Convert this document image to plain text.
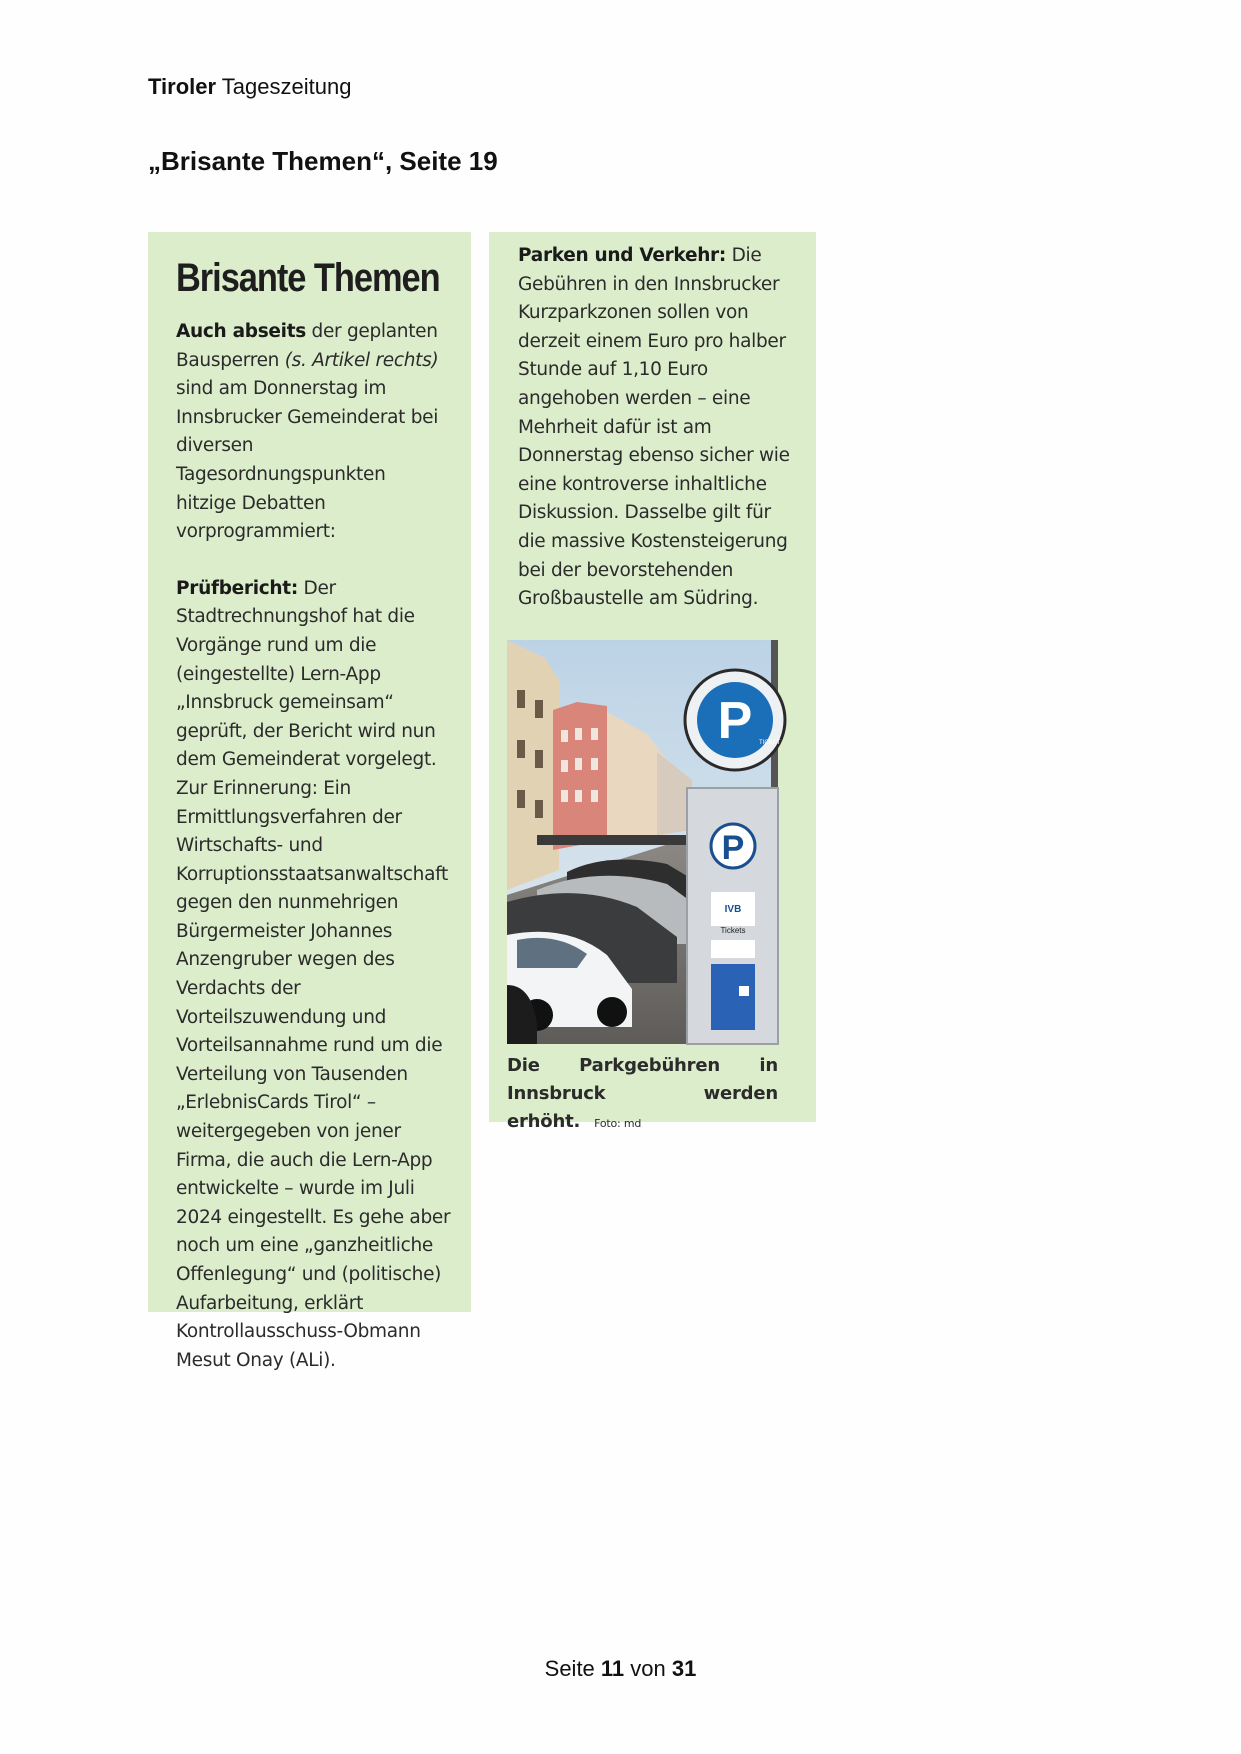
Tiroler Tageszeitung
„Brisante Themen“, Seite 19
Brisante Themen

Auch abseits der geplanten Bausperren (s. Artikel rechts) sind am Donnerstag im Innsbrucker Gemeinderat bei diversen Tagesordnungspunkten hitzige Debatten vorprogrammiert:

Prüfbericht: Der Stadtrechnungshof hat die Vorgänge rund um die (eingestellte) Lern-App „Innsbruck gemeinsam“ geprüft, der Bericht wird nun dem Gemeinderat vorgelegt. Zur Erinnerung: Ein Ermittlungsverfahren der Wirtschafts- und Korruptionsstaatsanwaltschaft gegen den nunmehrigen Bürgermeister Johannes Anzengruber wegen des Verdachts der Vorteilszuwendung und Vorteilsannahme rund um die Verteilung von Tausenden „ErlebnisCards Tirol“ – weitergegeben von jener Firma, die auch die Lern-App entwickelte – wurde im Juli 2024 eingestellt. Es gehe aber noch um eine „ganzheitliche Offenlegung“ und (politische) Aufarbeitung, erklärt Kontrollausschuss-Obmann Mesut Onay (ALi).

Parken und Verkehr: Die Gebühren in den Innsbrucker Kurzparkzonen sollen von derzeit einem Euro pro halber Stunde auf 1,10 Euro angehoben werden – eine Mehrheit dafür ist am Donnerstag ebenso sicher wie eine kontroverse inhaltliche Diskussion. Dasselbe gilt für die massive Kostensteigerung bei der bevorstehenden Großbaustelle am Südring.

P TICKET
P
IVB
Tickets
Die Parkgebühren in Innsbruck werden erhöht. Foto: md
Seite 11 von 31
